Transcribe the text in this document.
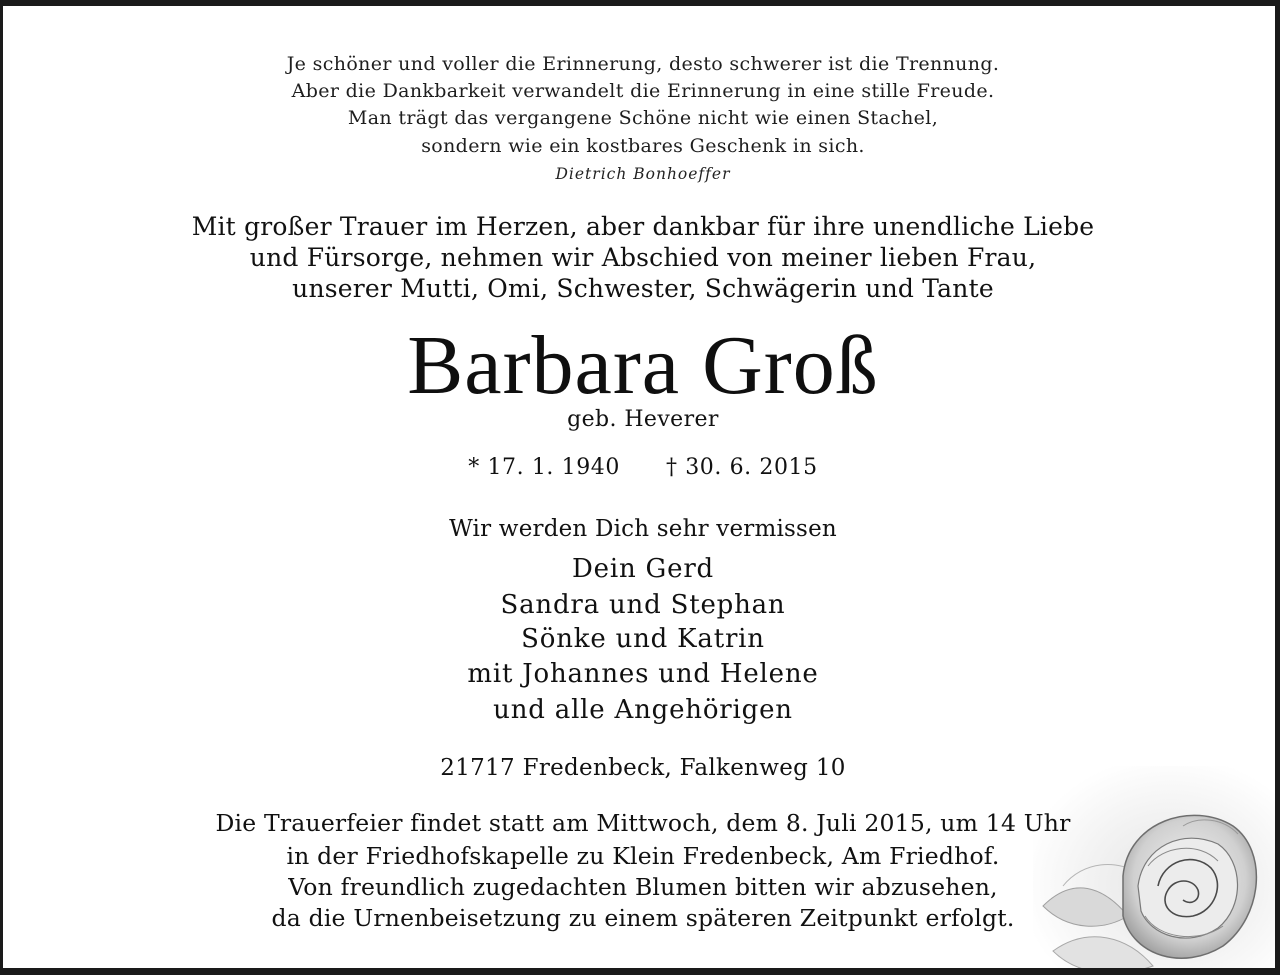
Je schöner und voller die Erinnerung, desto schwerer ist die Trennung.
Aber die Dankbarkeit verwandelt die Erinnerung in eine stille Freude.
Man trägt das vergangene Schöne nicht wie einen Stachel,
sondern wie ein kostbares Geschenk in sich.
Dietrich Bonhoeffer
Mit großer Trauer im Herzen, aber dankbar für ihre unendliche Liebe
und Fürsorge, nehmen wir Abschied von meiner lieben Frau,
unserer Mutti, Omi, Schwester, Schwägerin und Tante
Barbara Groß
geb. Heverer
* 17. 1. 1940 † 30. 6. 2015
Wir werden Dich sehr vermissen
Dein Gerd
Sandra und Stephan
Sönke und Katrin
mit Johannes und Helene
und alle Angehörigen
21717 Fredenbeck, Falkenweg 10
Die Trauerfeier findet statt am Mittwoch, dem 8. Juli 2015, um 14 Uhr
in der Friedhofskapelle zu Klein Fredenbeck, Am Friedhof.
Von freundlich zugedachten Blumen bitten wir abzusehen,
da die Urnenbeisetzung zu einem späteren Zeitpunkt erfolgt.
